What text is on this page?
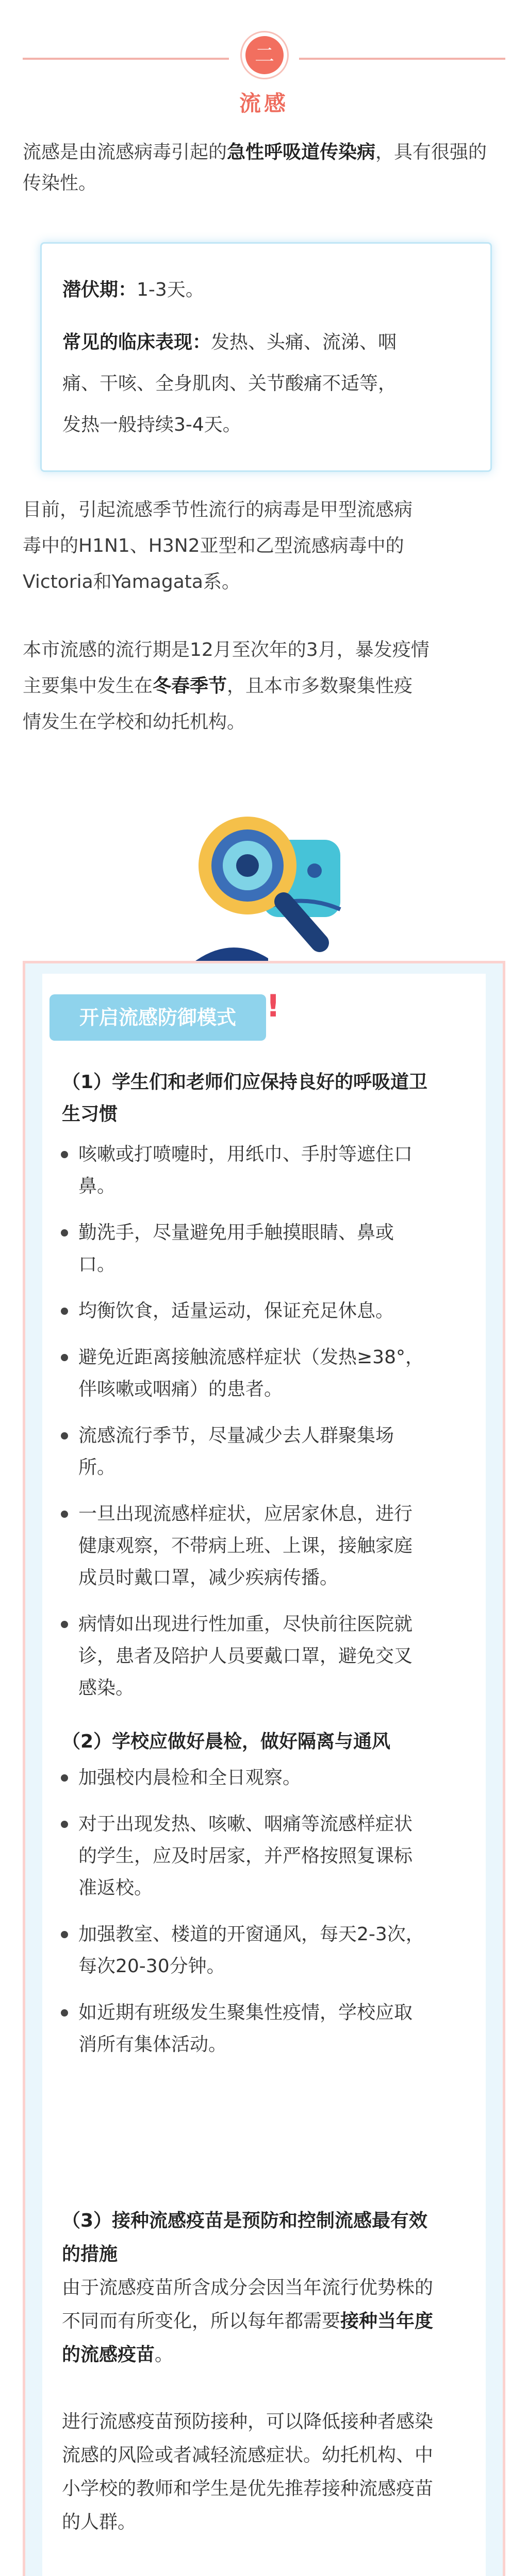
二
流感
流感是由流感病毒引起的急性呼吸道传染病，具有很强的传染性。
潜伏期：1-3天。
常见的临床表现：发热、头痛、流涕、咽
痛、干咳、全身肌肉、关节酸痛不适等，
发热一般持续3-4天。
目前，引起流感季节性流行的病毒是甲型流感病
毒中的H1N1、H3N2亚型和乙型流感病毒中的
Victoria和Yamagata系。
本市流感的流行期是12月至次年的3月，暴发疫情
主要集中发生在冬春季节，且本市多数聚集性疫
情发生在学校和幼托机构。
开启流感防御模式 !
（1）学生们和老师们应保持良好的呼吸道卫
生习惯
咳嗽或打喷嚏时，用纸巾、手肘等遮住口
鼻。
勤洗手，尽量避免用手触摸眼睛、鼻或
口。
均衡饮食，适量运动，保证充足休息。
避免近距离接触流感样症状（发热≥38°，
伴咳嗽或咽痛）的患者。
流感流行季节，尽量减少去人群聚集场
所。
一旦出现流感样症状，应居家休息，进行
健康观察，不带病上班、上课，接触家庭
成员时戴口罩，减少疾病传播。
病情如出现进行性加重，尽快前往医院就
诊，患者及陪护人员要戴口罩，避免交叉
感染。
（2）学校应做好晨检，做好隔离与通风
加强校内晨检和全日观察。
对于出现发热、咳嗽、咽痛等流感样症状
的学生，应及时居家，并严格按照复课标
准返校。
加强教室、楼道的开窗通风，每天2-3次，
每次20-30分钟。
如近期有班级发生聚集性疫情，学校应取
消所有集体活动。
（3）接种流感疫苗是预防和控制流感最有效
的措施
由于流感疫苗所含成分会因当年流行优势株的
不同而有所变化，所以每年都需要接种当年度
的流感疫苗。
进行流感疫苗预防接种，可以降低接种者感染
流感的风险或者减轻流感症状。幼托机构、中
小学校的教师和学生是优先推荐接种流感疫苗
的人群。
